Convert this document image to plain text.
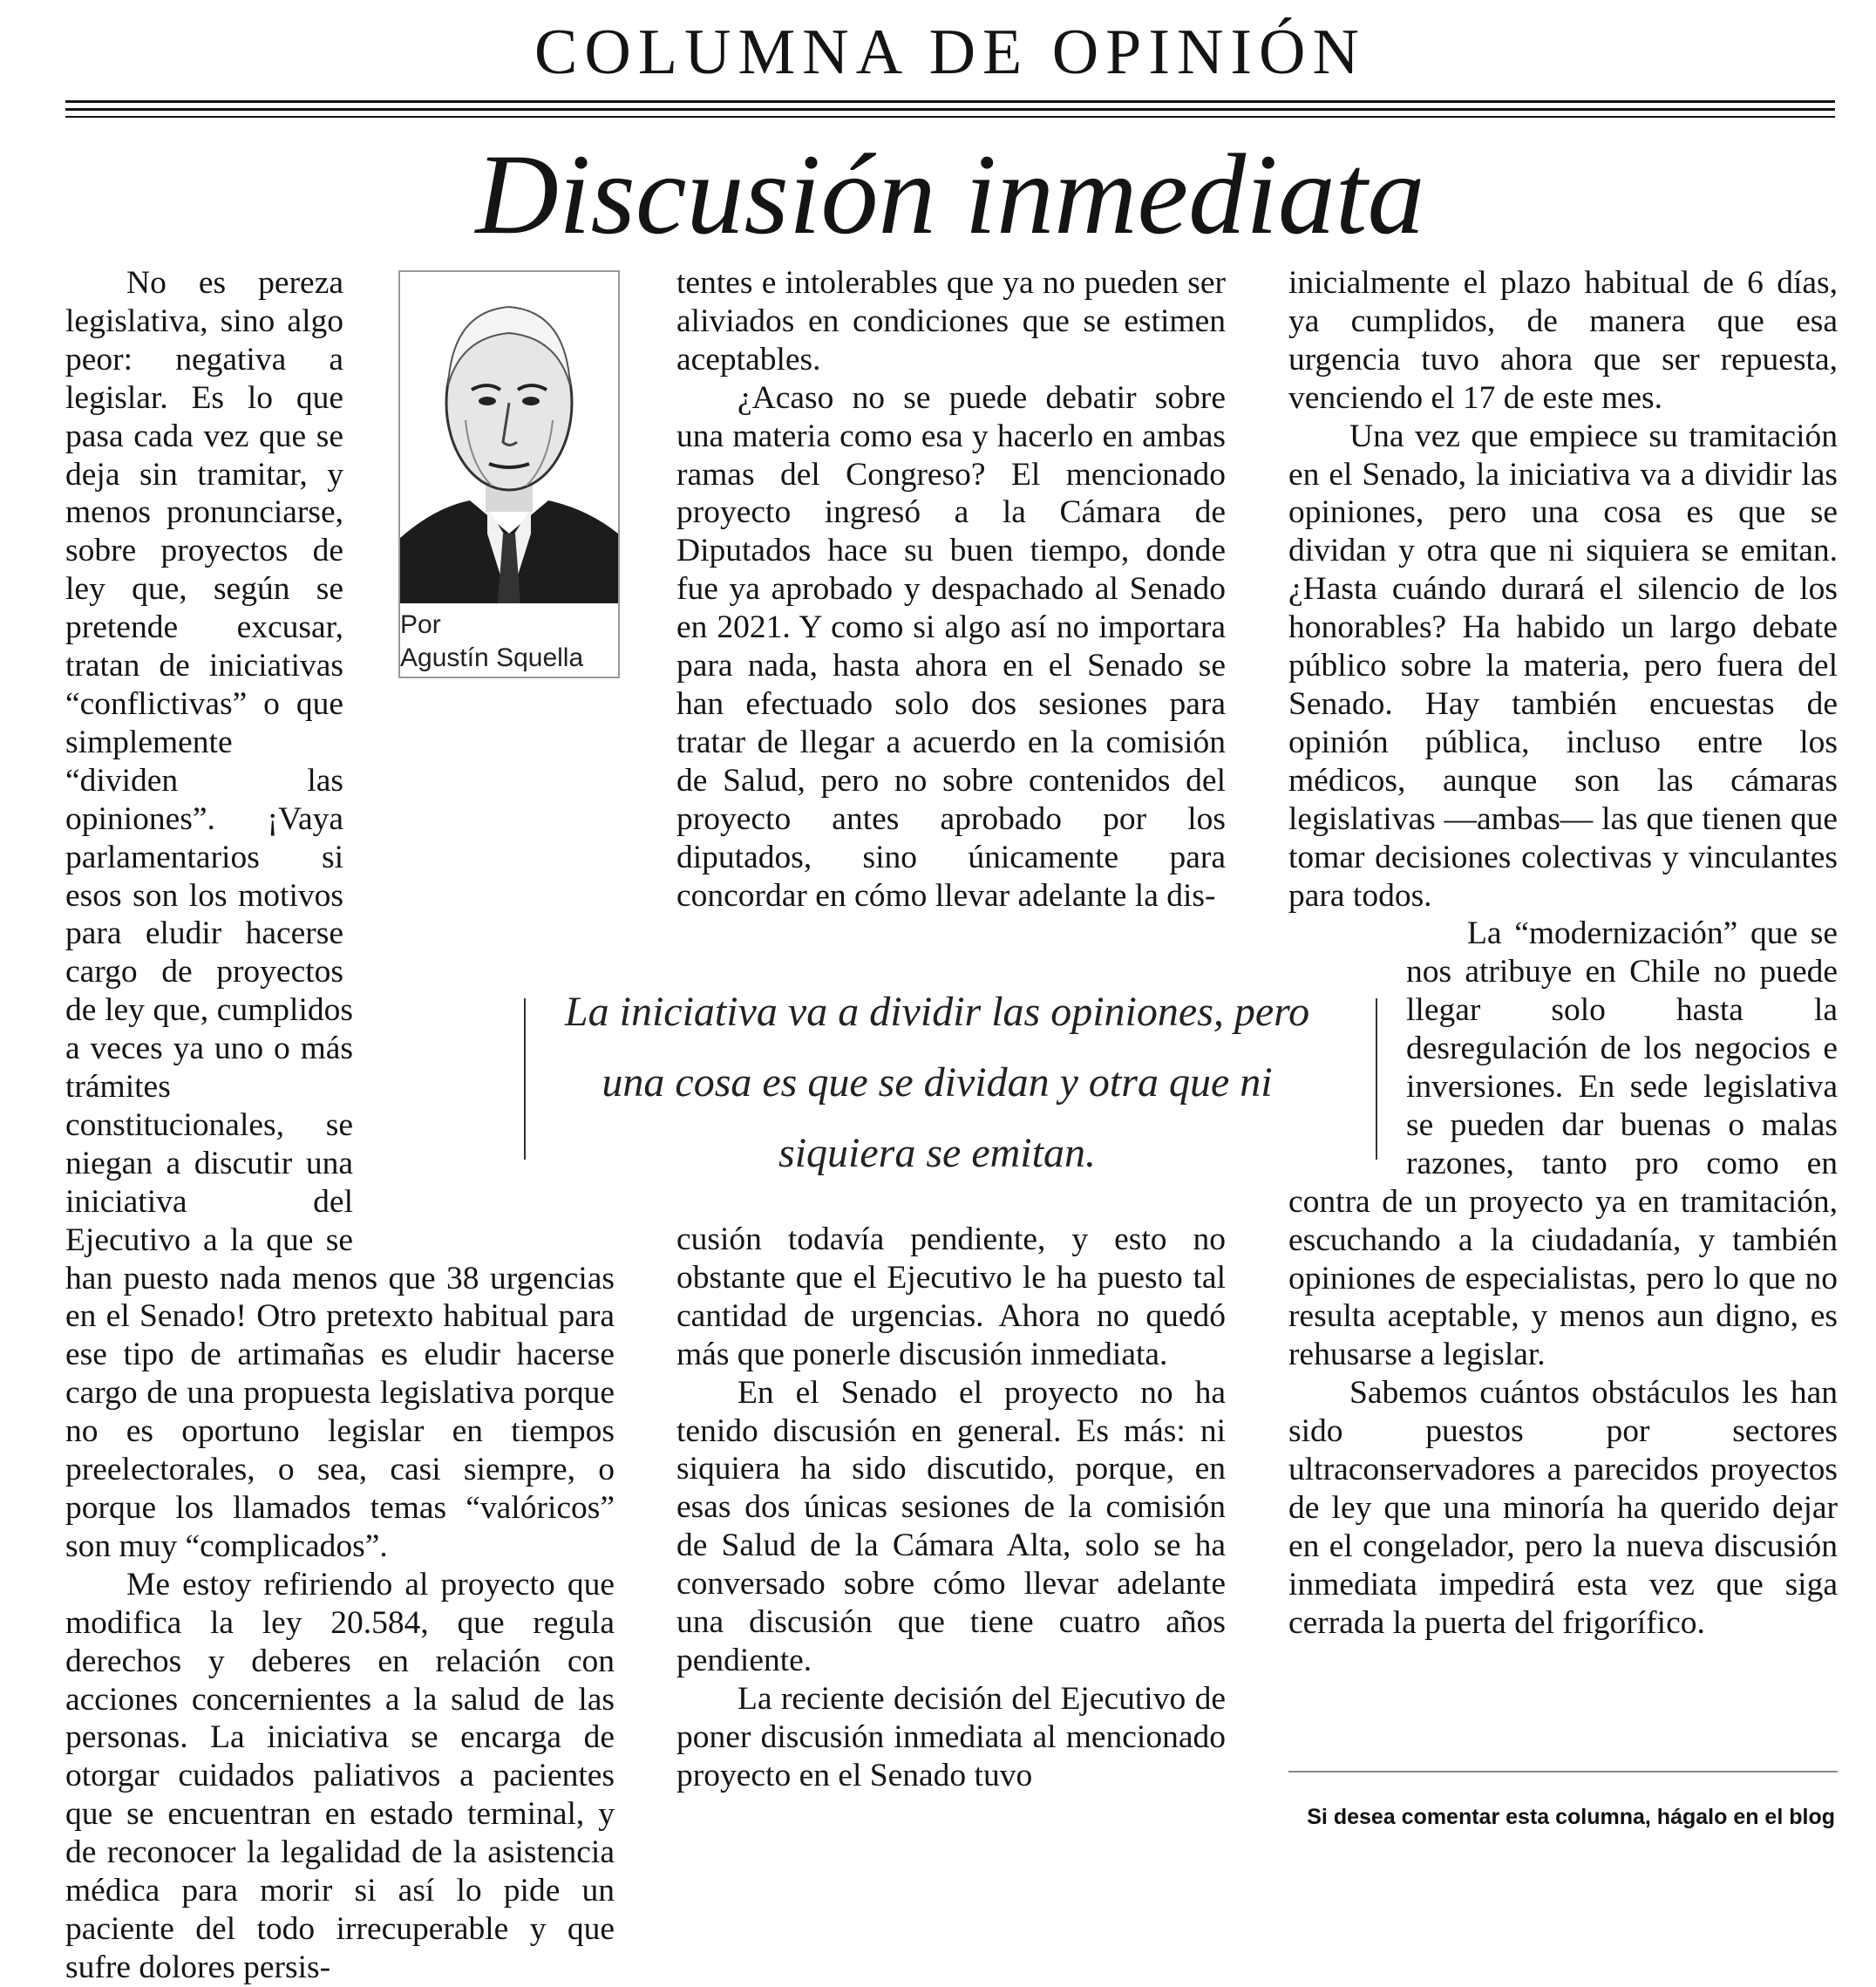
COLUMNA DE OPINIÓN
Discusión inmediata

No es pereza legislativa, sino algo peor: negativa a legislar. Es lo que pasa cada vez que se deja sin tramitar, y menos pronunciarse, sobre proyectos de ley que, según se pretende excusar, tratan de iniciativas “conflictivas” o que simplemente “dividen las opiniones”. ¡Vaya parlamentarios si esos son los motivos para eludir hacerse cargo de proyectos de ley que, cumplidos a veces ya uno o más trámites constitucionales, se niegan a discutir una iniciativa del Ejecutivo a la que se han puesto nada menos que 38 urgencias en el Senado! Otro pretexto habitual para ese tipo de artimañas es eludir hacerse cargo de una propuesta legislativa porque no es oportuno legislar en tiempos preelectorales, o sea, casi siempre, o porque los llamados temas “valóricos” son muy “complicados”.

Me estoy refiriendo al proyecto que modifica la ley 20.584, que regula derechos y deberes en relación con acciones concernientes a la salud de las personas. La iniciativa se encarga de otorgar cuidados paliativos a pacientes que se encuentran en estado terminal, y de reconocer la legalidad de la asistencia médica para morir si así lo pide un paciente del todo irrecuperable y que sufre dolores persis-

tentes e intolerables que ya no pueden ser aliviados en condiciones que se estimen aceptables.

¿Acaso no se puede debatir sobre una materia como esa y hacerlo en ambas ramas del Congreso? El mencionado proyecto ingresó a la Cámara de Diputados hace su buen tiempo, donde fue ya aprobado y despachado al Senado en 2021. Y como si algo así no importara para nada, hasta ahora en el Senado se han efectuado solo dos sesiones para tratar de llegar a acuerdo en la comisión de Salud, pero no sobre contenidos del proyecto antes aprobado por los diputados, sino únicamente para concordar en cómo llevar adelante la dis-

cusión todavía pendiente, y esto no obstante que el Ejecutivo le ha puesto tal cantidad de urgencias. Ahora no quedó más que ponerle discusión inmediata.

En el Senado el proyecto no ha tenido discusión en general. Es más: ni siquiera ha sido discutido, porque, en esas dos únicas sesiones de la comisión de Salud de la Cámara Alta, solo se ha conversado sobre cómo llevar adelante una discusión que tiene cuatro años pendiente.

La reciente decisión del Ejecutivo de poner discusión inmediata al mencionado proyecto en el Senado tuvo

inicialmente el plazo habitual de 6 días, ya cumplidos, de manera que esa urgencia tuvo ahora que ser repuesta, venciendo el 17 de este mes.

Una vez que empiece su tramitación en el Senado, la iniciativa va a dividir las opiniones, pero una cosa es que se dividan y otra que ni siquiera se emitan. ¿Hasta cuándo durará el silencio de los honorables? Ha habido un largo debate público sobre la materia, pero fuera del Senado. Hay también encuestas de opinión pública, incluso entre los médicos, aunque son las cámaras legislativas —ambas— las que tienen que tomar decisiones colectivas y vinculantes para todos.

La “modernización” que se nos atribuye en Chile no puede llegar solo hasta la desregulación de los negocios e inversiones. En sede legislativa se pueden dar buenas o malas razones, tanto pro como en contra de un proyecto ya en tramitación, escuchando a la ciudadanía, y también opiniones de especialistas, pero lo que no resulta aceptable, y menos aun digno, es rehusarse a legislar.

Sabemos cuántos obstáculos les han sido puestos por sectores ultraconservadores a parecidos proyectos de ley que una minoría ha querido dejar en el congelador, pero la nueva discusión inmediata impedirá esta vez que siga cerrada la puerta del frigorífico.

Por
Agustín Squella
La iniciativa va a dividir las opiniones, pero una cosa es que se dividan y otra que ni siquiera se emitan.
Si desea comentar esta columna, hágalo en el blog
